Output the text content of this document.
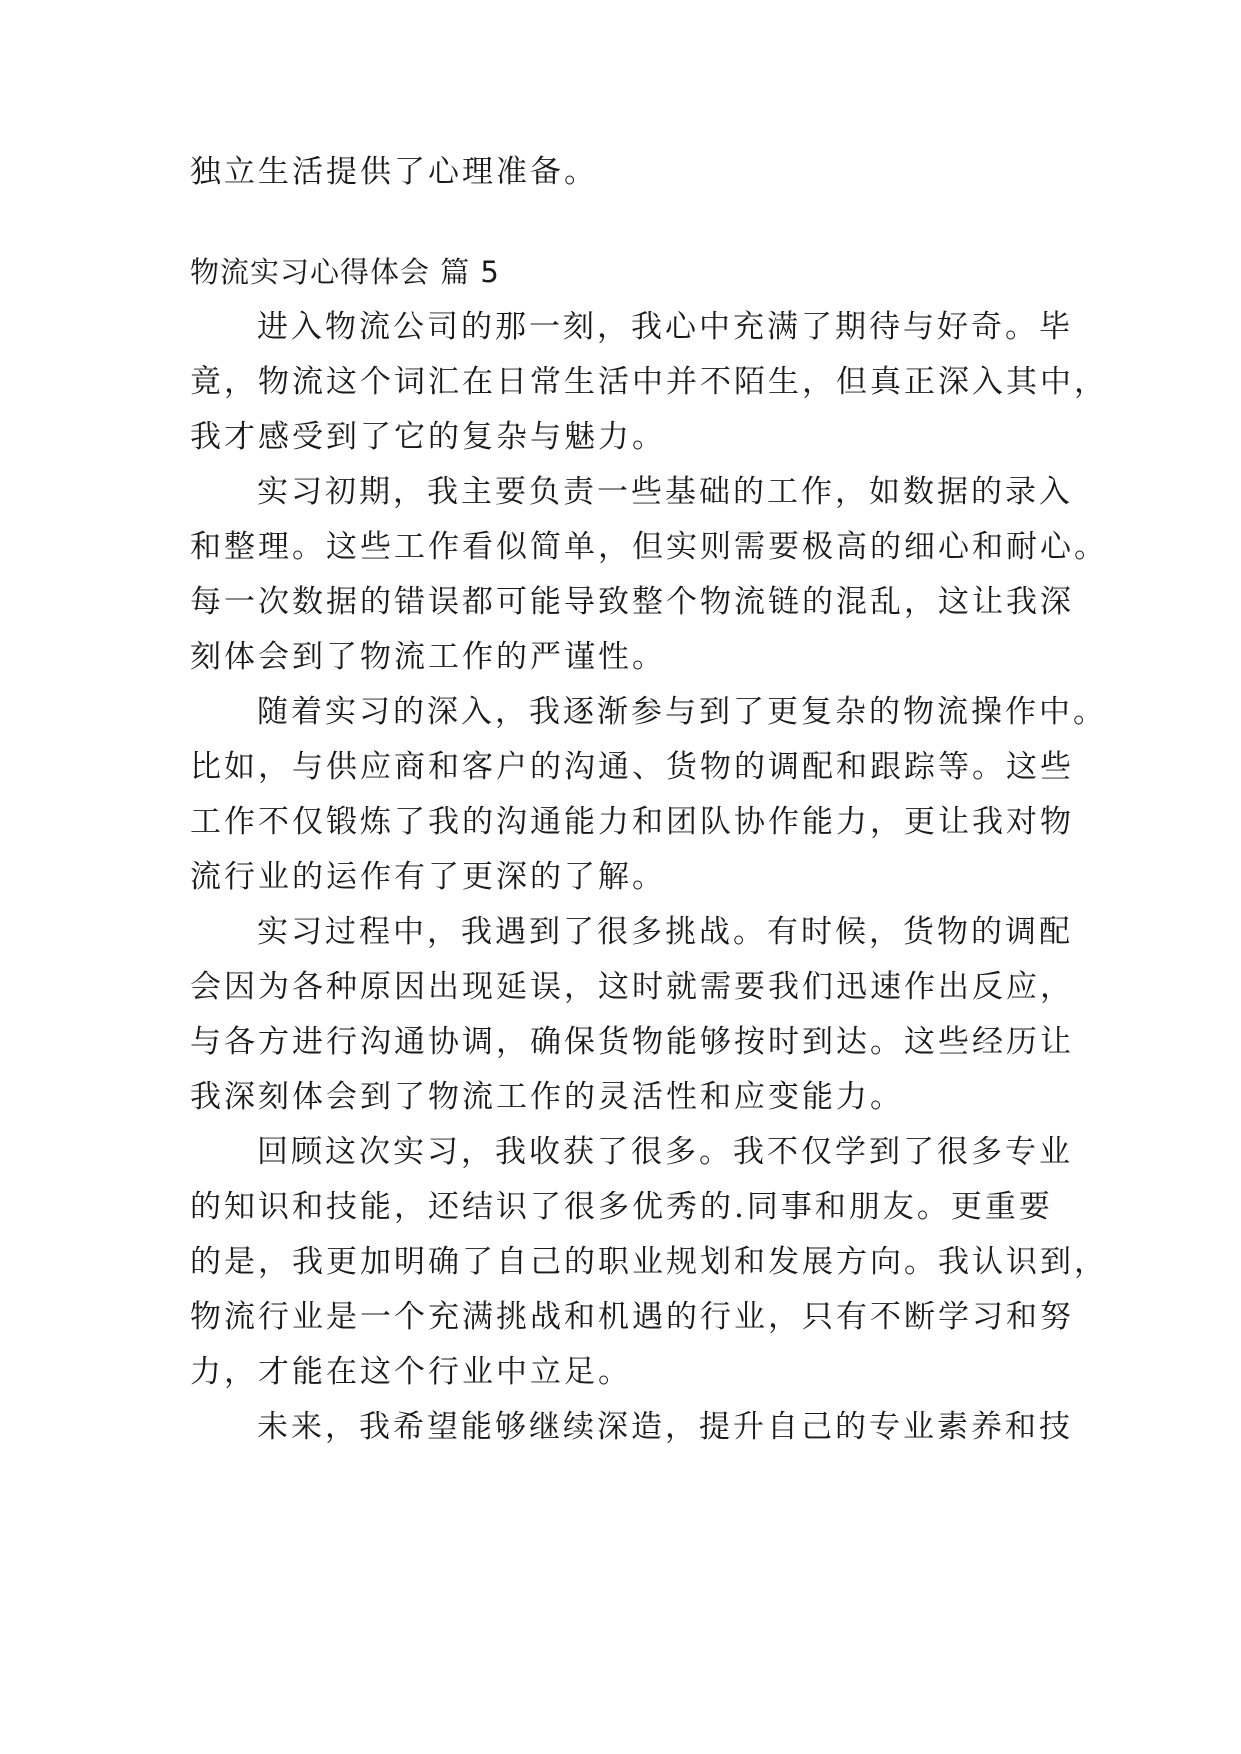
独立生活提供了心理准备。

物流实习心得体会 篇 5

进入物流公司的那一刻，我心中充满了期待与好奇。毕

竟，物流这个词汇在日常生活中并不陌生，但真正深入其中，

我才感受到了它的复杂与魅力。

实习初期，我主要负责一些基础的工作，如数据的录入

和整理。这些工作看似简单，但实则需要极高的细心和耐心。

每一次数据的错误都可能导致整个物流链的混乱，这让我深

刻体会到了物流工作的严谨性。

随着实习的深入，我逐渐参与到了更复杂的物流操作中。

比如，与供应商和客户的沟通、货物的调配和跟踪等。这些

工作不仅锻炼了我的沟通能力和团队协作能力，更让我对物

流行业的运作有了更深的了解。

实习过程中，我遇到了很多挑战。有时候，货物的调配

会因为各种原因出现延误，这时就需要我们迅速作出反应，

与各方进行沟通协调，确保货物能够按时到达。这些经历让

我深刻体会到了物流工作的灵活性和应变能力。

回顾这次实习，我收获了很多。我不仅学到了很多专业

的知识和技能，还结识了很多优秀的.同事和朋友。更重要

的是，我更加明确了自己的职业规划和发展方向。我认识到，

物流行业是一个充满挑战和机遇的行业，只有不断学习和努

力，才能在这个行业中立足。

未来，我希望能够继续深造，提升自己的专业素养和技
